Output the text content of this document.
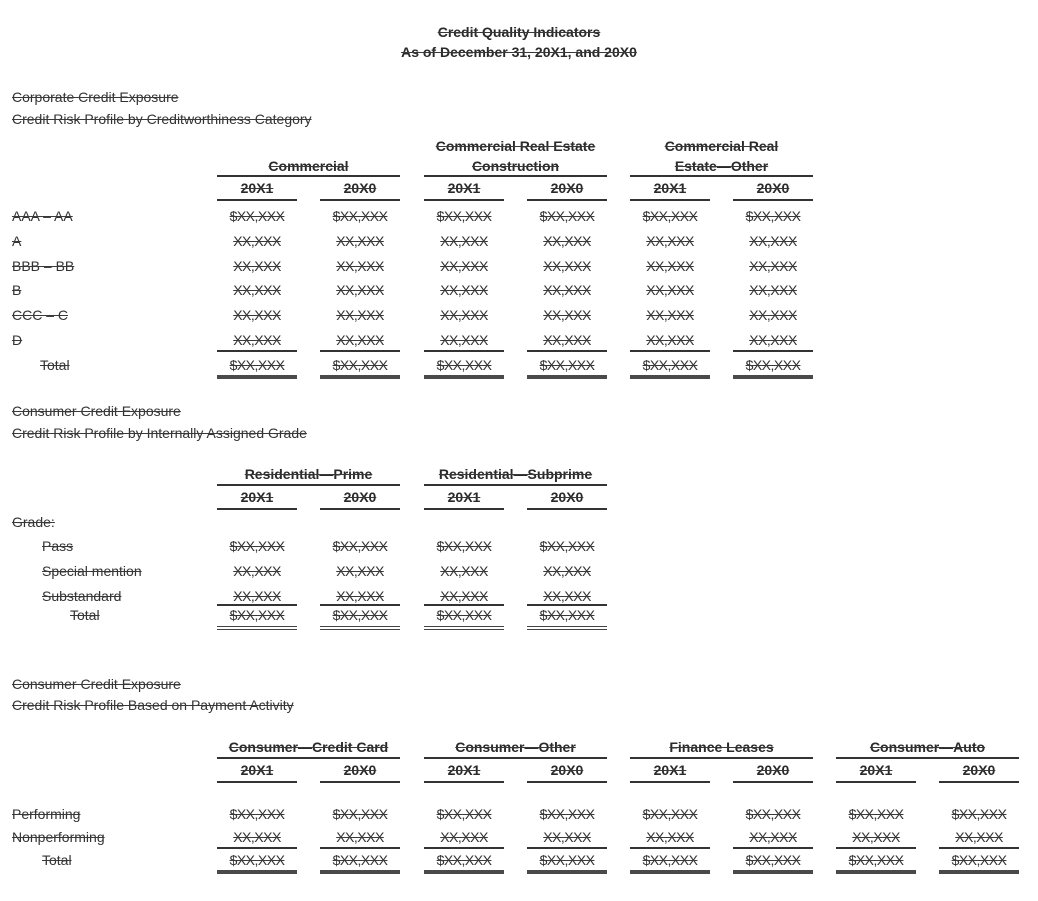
Credit Quality Indicators
As of December 31, 20X1, and 20X0
Corporate Credit Exposure
Credit Risk Profile by Creditworthiness Category
Commercial
Commercial Real Estate
Construction
Commercial Real
Estate—Other
20X1	20X0	20X1	20X0	20X1	20X0
AAA – AA	$XX,XXX	$XX,XXX	$XX,XXX	$XX,XXX	$XX,XXX	$XX,XXX
A	XX,XXX	XX,XXX	XX,XXX	XX,XXX	XX,XXX	XX,XXX
BBB – BB	XX,XXX	XX,XXX	XX,XXX	XX,XXX	XX,XXX	XX,XXX
B	XX,XXX	XX,XXX	XX,XXX	XX,XXX	XX,XXX	XX,XXX
CCC – C	XX,XXX	XX,XXX	XX,XXX	XX,XXX	XX,XXX	XX,XXX
D	XX,XXX	XX,XXX	XX,XXX	XX,XXX	XX,XXX	XX,XXX
Total	$XX,XXX	$XX,XXX	$XX,XXX	$XX,XXX	$XX,XXX	$XX,XXX
Consumer Credit Exposure
Credit Risk Profile by Internally Assigned Grade
Grade:
Residential—Prime	Residential—Subprime
20X1	20X0	20X1	20X0
Pass	$XX,XXX	$XX,XXX	$XX,XXX	$XX,XXX
Special mention	XX,XXX	XX,XXX	XX,XXX	XX,XXX
Substandard	XX,XXX	XX,XXX	XX,XXX	XX,XXX
Total	$XX,XXX	$XX,XXX	$XX,XXX	$XX,XXX
Consumer Credit Exposure
Credit Risk Profile Based on Payment Activity
Consumer—Credit Card	Consumer—Other	Finance Leases	Consumer—Auto
20X1	20X0	20X1	20X0	20X1	20X0	20X1	20X0
Performing	$XX,XXX	$XX,XXX	$XX,XXX	$XX,XXX	$XX,XXX	$XX,XXX	$XX,XXX	$XX,XXX
Nonperforming	XX,XXX	XX,XXX	XX,XXX	XX,XXX	XX,XXX	XX,XXX	XX,XXX	XX,XXX
Total	$XX,XXX	$XX,XXX	$XX,XXX	$XX,XXX	$XX,XXX	$XX,XXX	$XX,XXX	$XX,XXX
